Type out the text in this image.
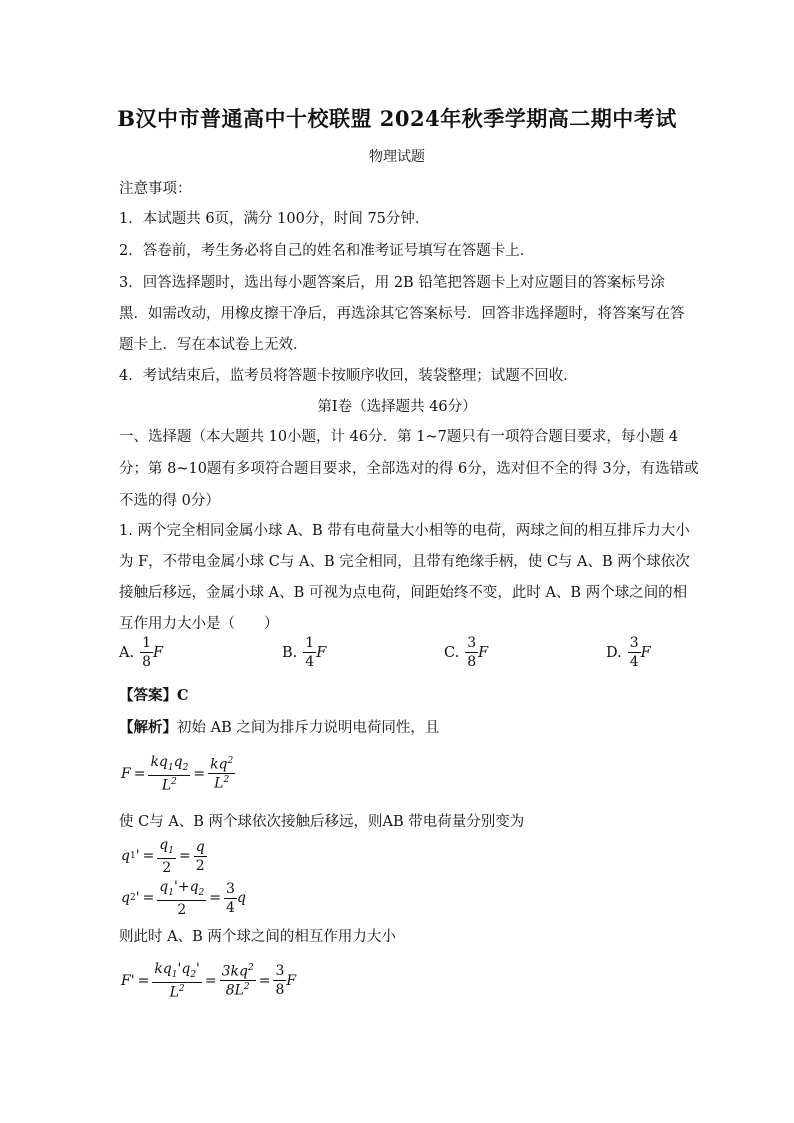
B汉中市普通高中十校联盟 2024年秋季学期高二期中考试
物理试题
注意事项：
1．本试题共 6页，满分 100分，时间 75分钟．
2．答卷前，考生务必将自己的姓名和准考证号填写在答题卡上．
3．回答选择题时，选出每小题答案后，用 2B 铅笔把答题卡上对应题目的答案标号涂
黑．如需改动，用橡皮擦干净后，再选涂其它答案标号．回答非选择题时，将答案写在答
题卡上．写在本试卷上无效．
4．考试结束后，监考员将答题卡按顺序收回，装袋整理；试题不回收．
第Ⅰ卷（选择题共 46分）
一、选择题（本大题共 10小题，计 46分．第 1~7题只有一项符合题目要求，每小题 4
分；第 8~10题有多项符合题目要求，全部选对的得 6分，选对但不全的得 3分，有选错或
不选的得 0分）
1. 两个完全相同金属小球 A、B 带有电荷量大小相等的电荷，两球之间的相互排斥力大小
为 F，不带电金属小球 C与 A、B 完全相同，且带有绝缘手柄，使 C与 A、B 两个球依次
接触后移远，金属小球 A、B 可视为点电荷，间距始终不变，此时 A、B 两个球之间的相
互作用力大小是（　　）
A. $\frac{1}{8}$ F	B. $\frac{1}{4}$ F	C. $\frac{3}{8}$ F	D. $\frac{3}{4}$ F
【答案】C
【解析】初始 AB 之间为排斥力说明电荷同性，且
$F = \frac{kq_1q_2}{L^2} = \frac{kq^2}{L^2}$
使 C与 A、B 两个球依次接触后移远，则AB 带电荷量分别变为
q 1 ' = $\frac{q_1}{2} = \frac{q}{2}$
q 2 ' = $\frac{q_1'+q_2}{2} = \frac{3}{4}$ q
则此时 A、B 两个球之间的相互作用力大小
F ' = $\frac{kq_1'q_2'}{L^2} = \frac{3kq^2}{8L^2} = \frac{3}{8}$ F
